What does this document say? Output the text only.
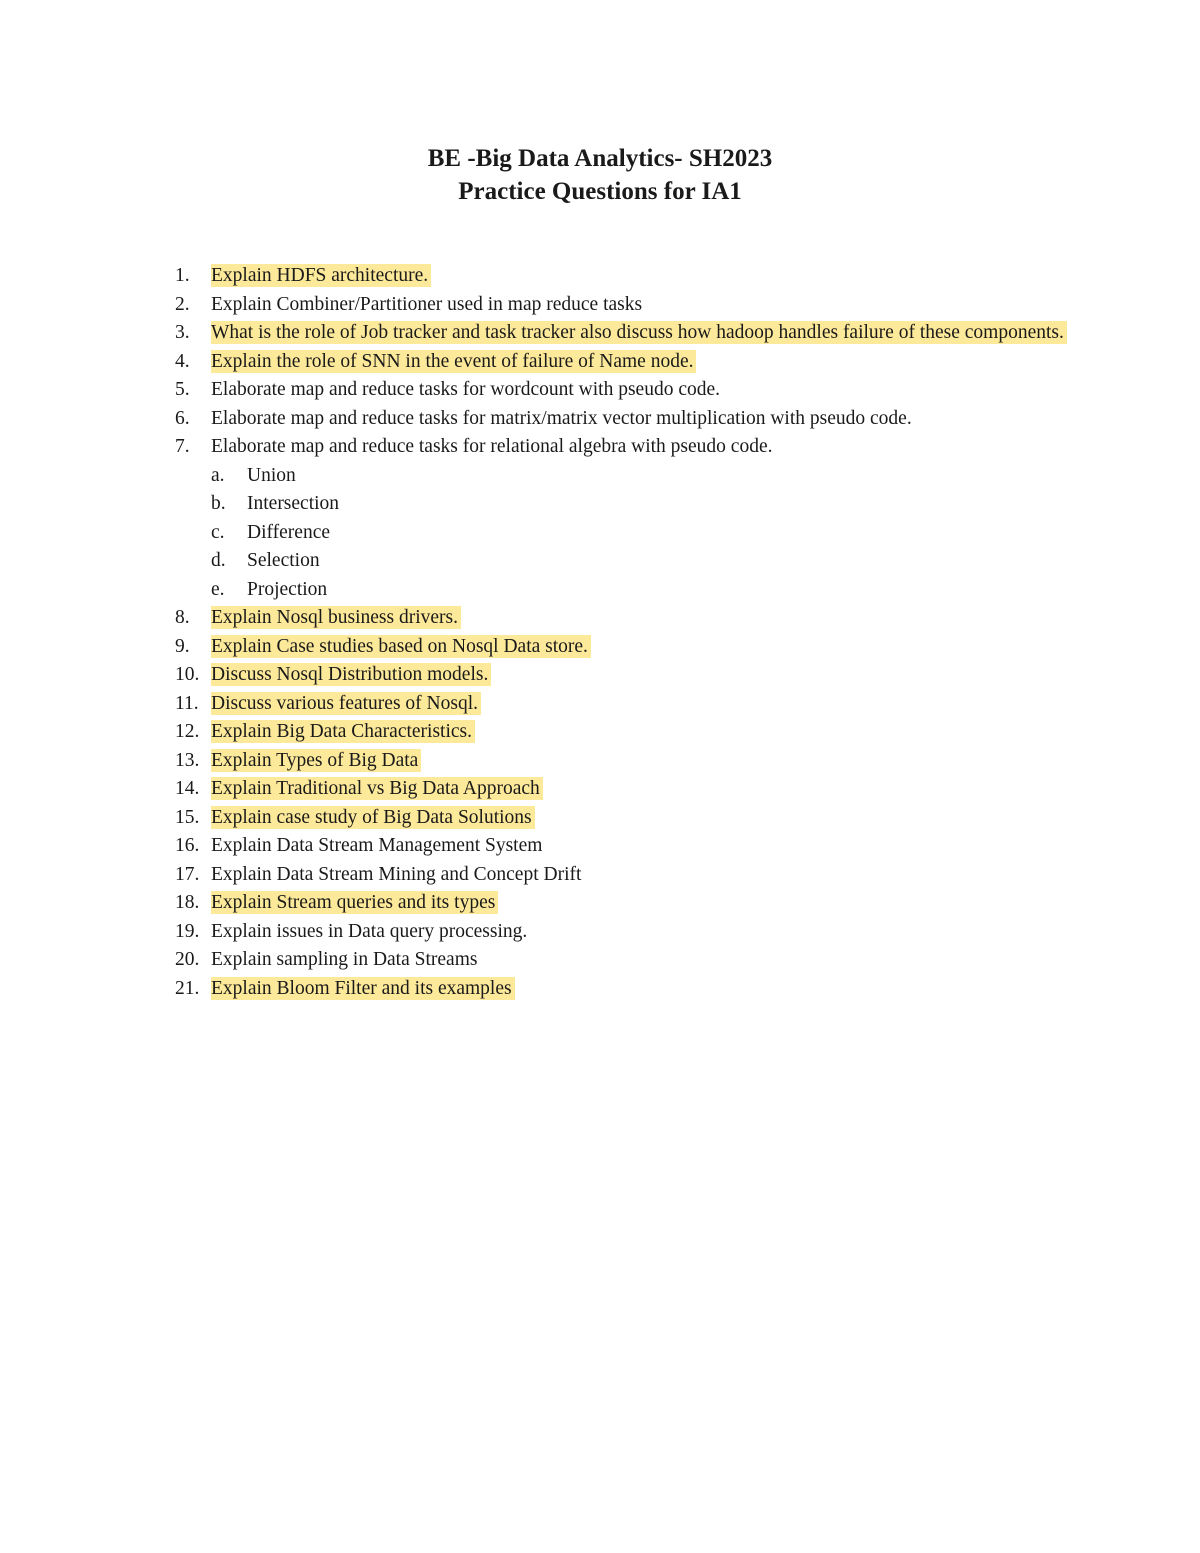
BE -Big Data Analytics- SH2023

Practice Questions for IA1

1.	Explain HDFS architecture.
2.	Explain Combiner/Partitioner used in map reduce tasks
3.	What is the role of Job tracker and task tracker also discuss how hadoop handles failure of these components.
4.	Explain the role of SNN in the event of failure of Name node.
5.	Elaborate map and reduce tasks for wordcount with pseudo code.
6.	Elaborate map and reduce tasks for matrix/matrix vector multiplication with pseudo code.
7.	Elaborate map and reduce tasks for relational algebra with pseudo code.
a. Union
b. Intersection
c. Difference
d. Selection
e. Projection
8.	Explain Nosql business drivers.
9.	Explain Case studies based on Nosql Data store.
10. Discuss Nosql Distribution models.
11. Discuss various features of Nosql.
12. Explain Big Data Characteristics.
13. Explain Types of Big Data
14. Explain Traditional vs Big Data Approach
15. Explain case study of Big Data Solutions
16. Explain Data Stream Management System
17. Explain Data Stream Mining and Concept Drift
18. Explain Stream queries and its types
19. Explain issues in Data query processing.
20. Explain sampling in Data Streams
21. Explain Bloom Filter and its examples
